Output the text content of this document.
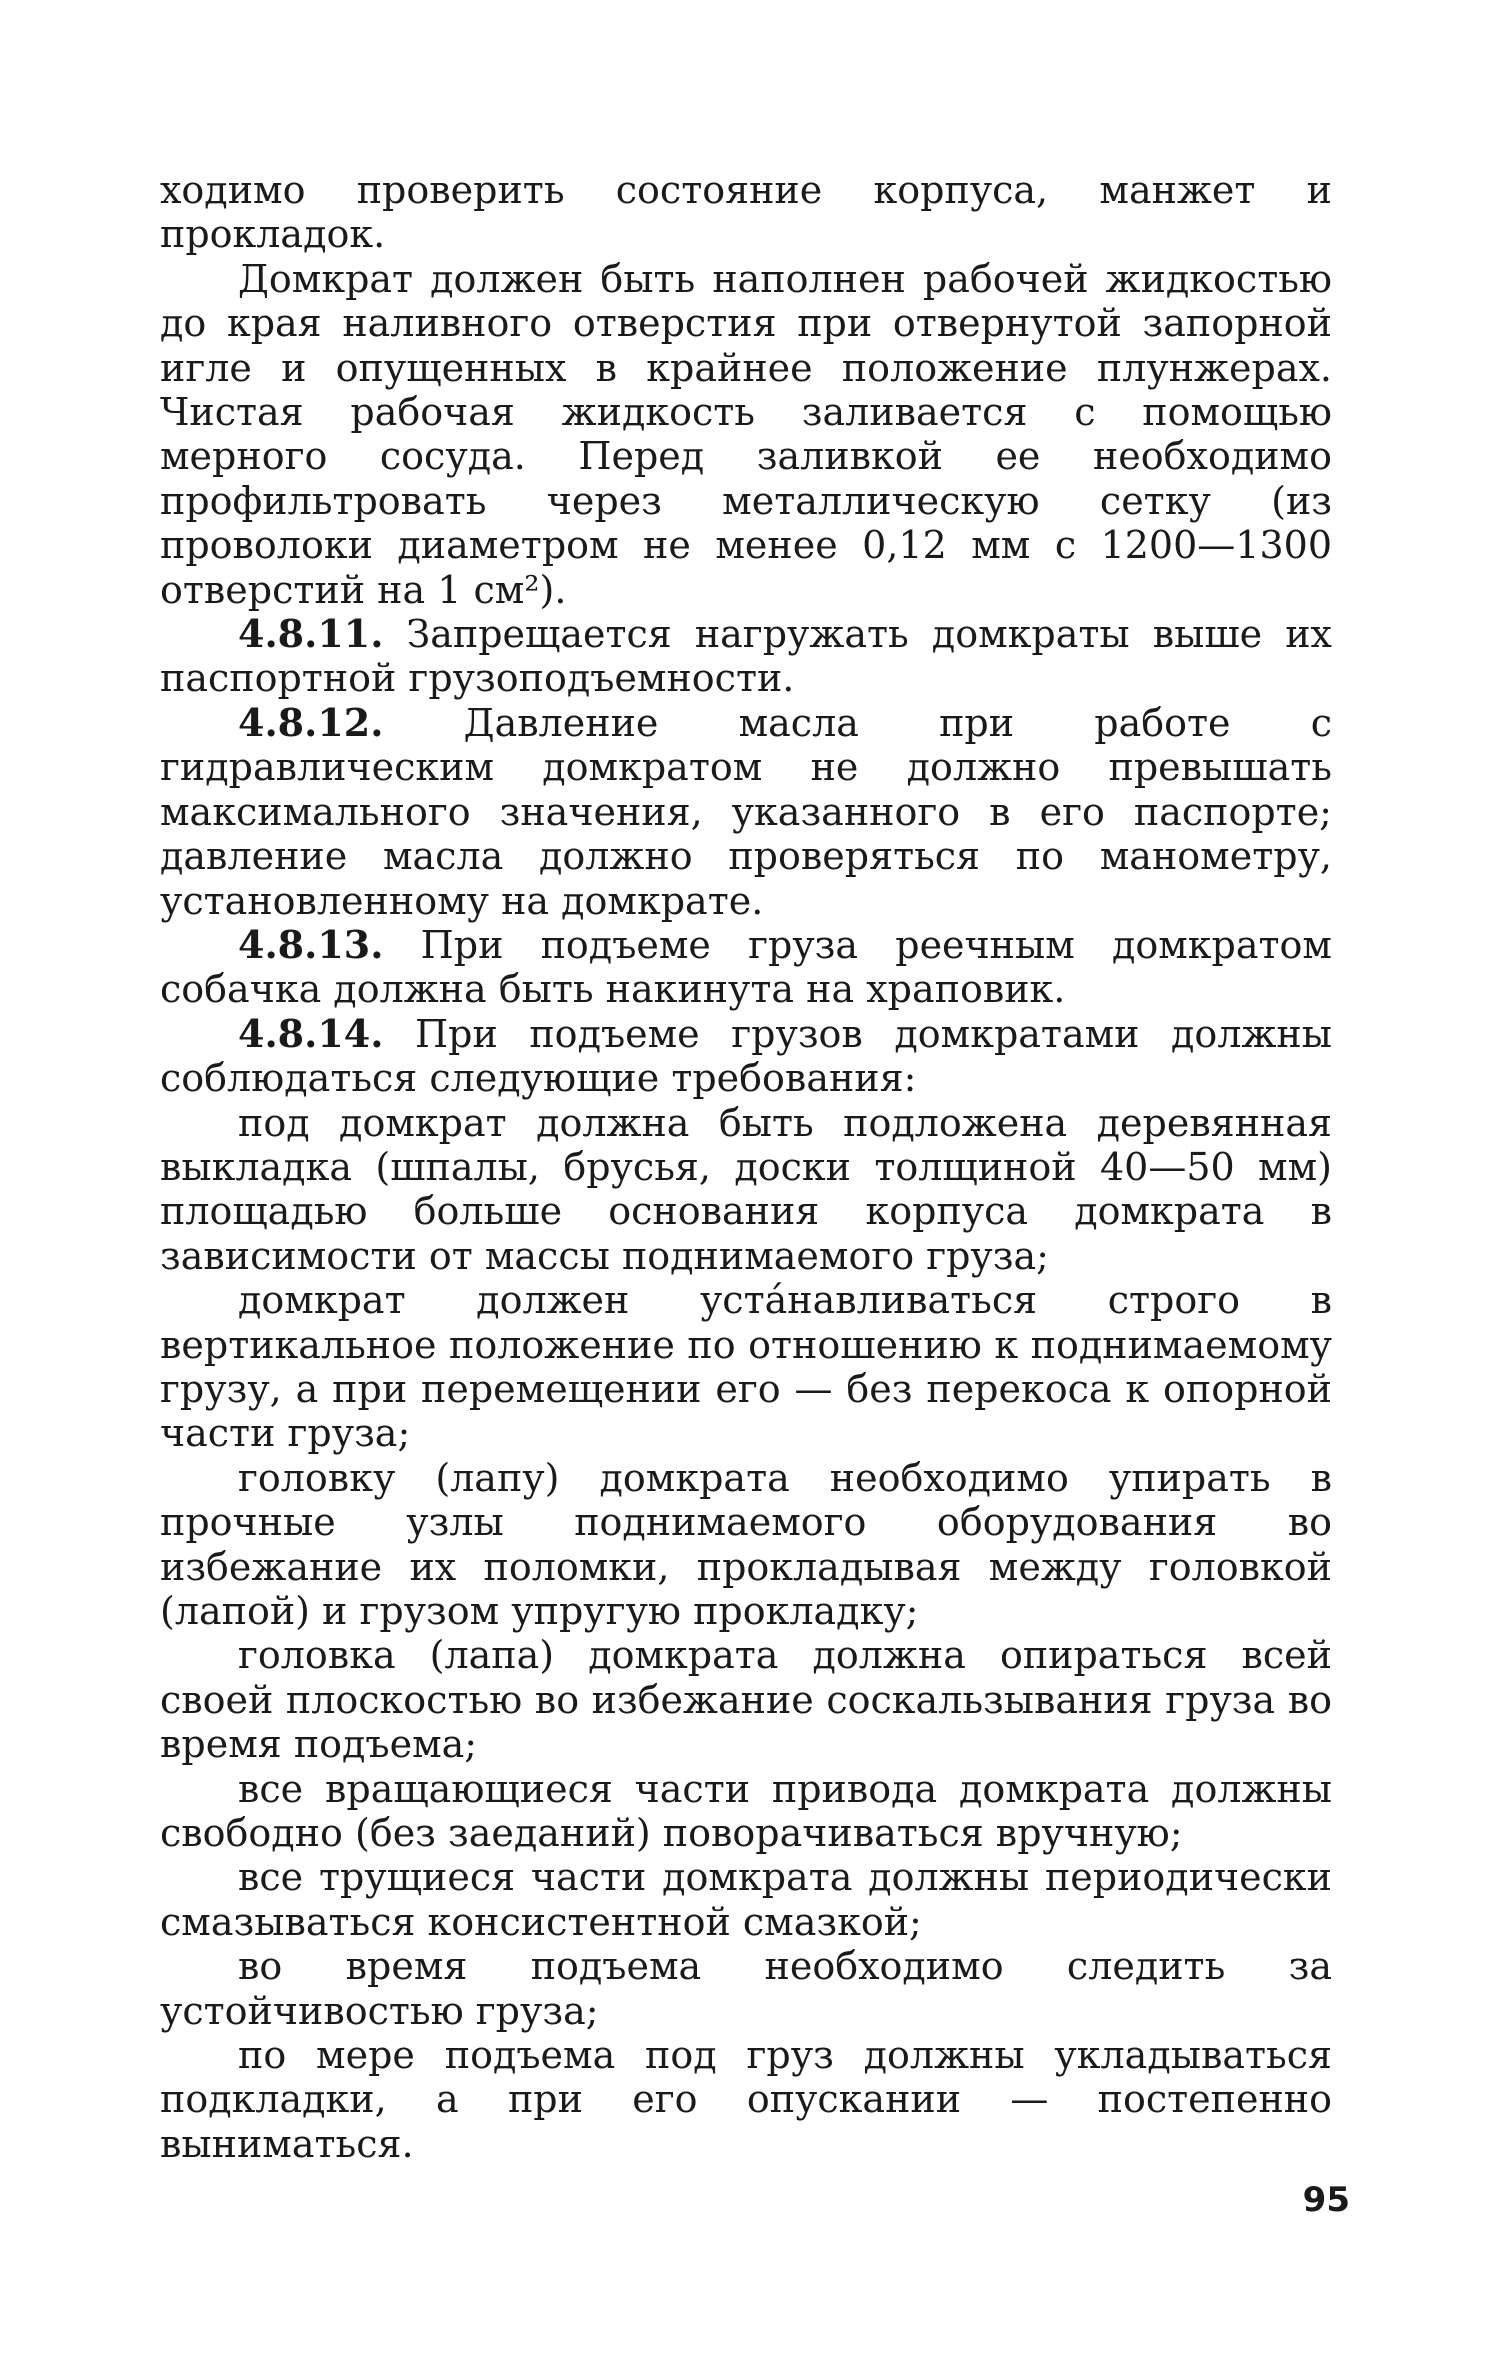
ходимо проверить состояние корпуса, манжет и прокладок.

Домкрат должен быть наполнен рабочей жидкостью до края наливного отверстия при отвернутой запорной игле и опущенных в крайнее положение плунжерах. Чистая рабочая жидкость заливается с помощью мерного сосуда. Перед заливкой ее необходимо профильтровать через металлическую сетку (из проволоки диаметром не менее 0,12 мм с 1200—1300 отверстий на 1 см²).

4.8.11. Запрещается нагружать домкраты выше их паспортной грузоподъемности.

4.8.12. Давление масла при работе с гидравлическим домкратом не должно превышать максимального значения, указанного в его паспорте; давление масла должно проверяться по манометру, установленному на домкрате.

4.8.13. При подъеме груза реечным домкратом собачка должна быть накинута на храповик.

4.8.14. При подъеме грузов домкратами должны соблюдаться следующие требования:

под домкрат должна быть подложена деревянная выкладка (шпалы, брусья, доски толщиной 40—50 мм) площадью больше основания корпуса домкрата в зависимости от массы поднимаемого груза;

домкрат должен устáнавливаться строго в вертикальное положение по отношению к поднимаемому грузу, а при перемещении его — без перекоса к опорной части груза;

головку (лапу) домкрата необходимо упирать в прочные узлы поднимаемого оборудования во избежание их поломки, прокладывая между головкой (лапой) и грузом упругую прокладку;

головка (лапа) домкрата должна опираться всей своей плоскостью во избежание соскальзывания груза во время подъема;

все вращающиеся части привода домкрата должны свободно (без заеданий) поворачиваться вручную;

все трущиеся части домкрата должны периодически смазываться консистентной смазкой;

во время подъема необходимо следить за устойчивостью груза;

по мере подъема под груз должны укладываться подкладки, а при его опускании — постепенно выниматься.

95
